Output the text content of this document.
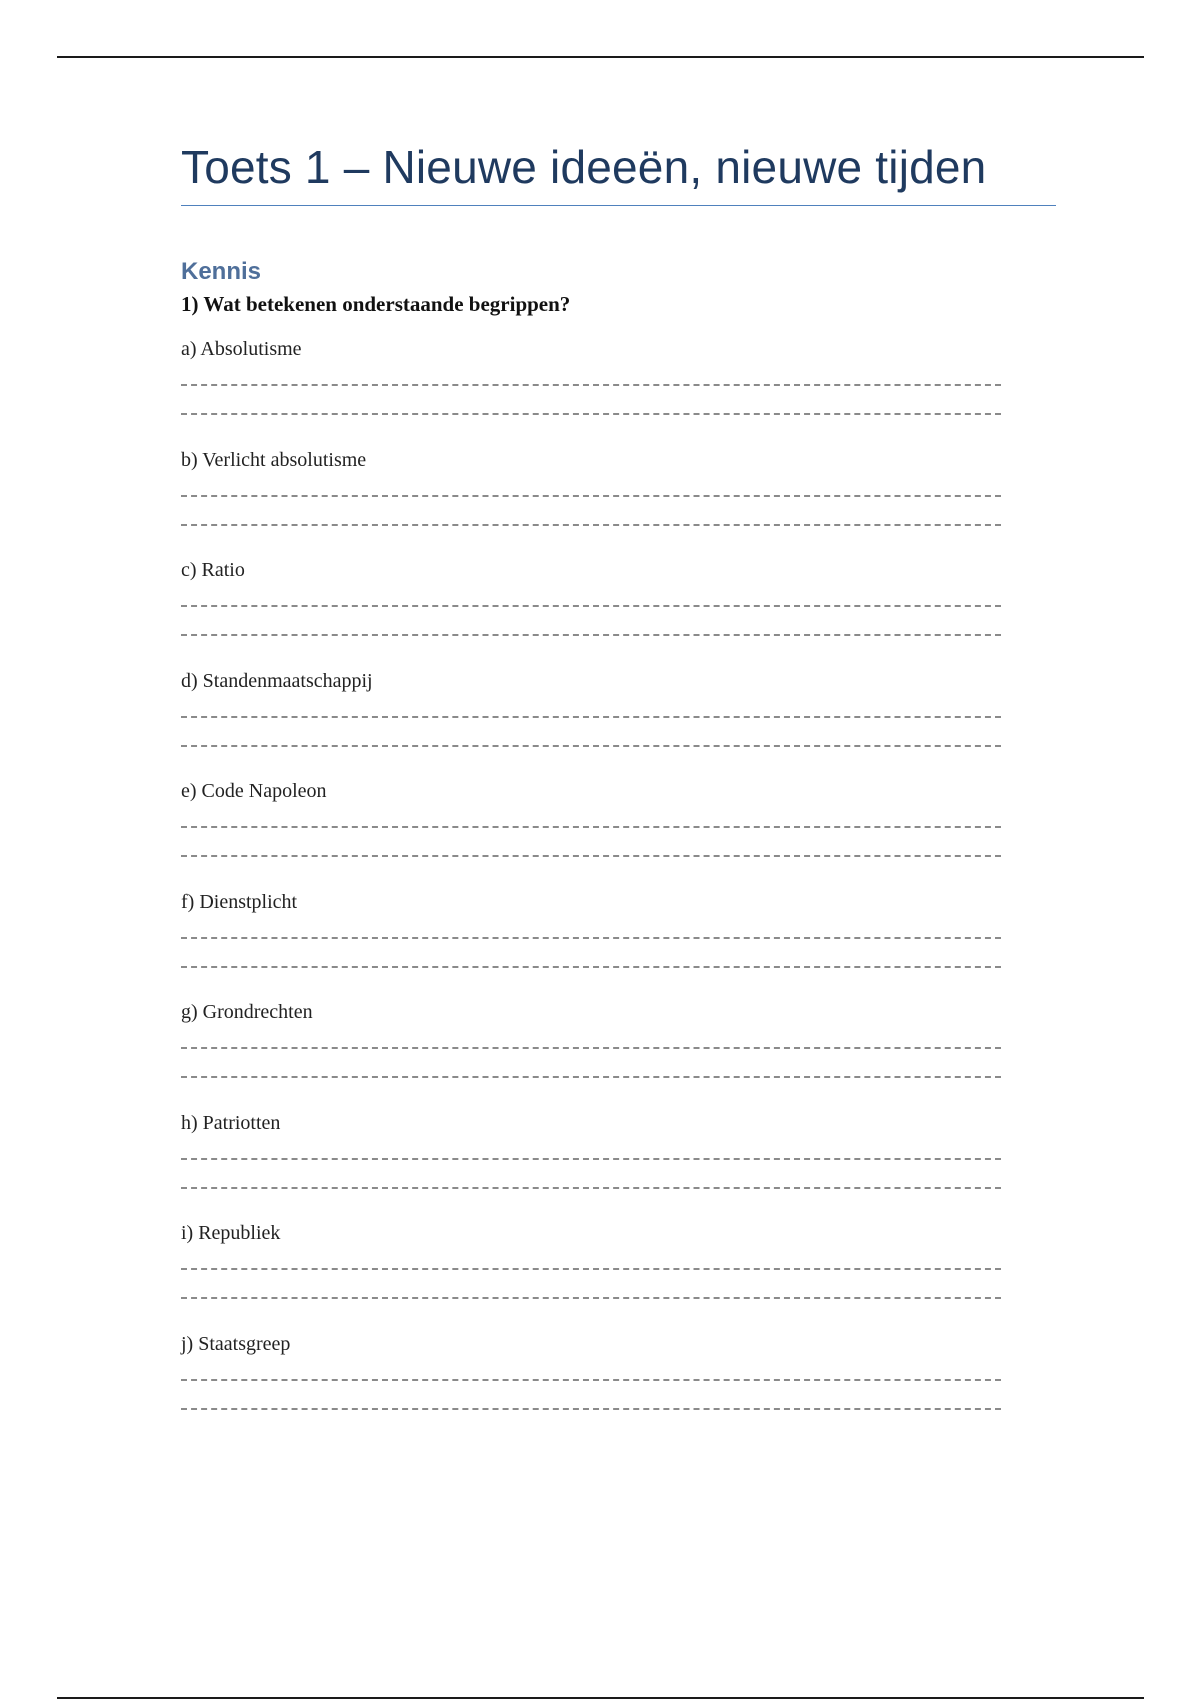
Toets 1 – Nieuwe ideeën, nieuwe tijden
Kennis
1) Wat betekenen onderstaande begrippen?

a) Absolutisme

b) Verlicht absolutisme

c) Ratio

d) Standenmaatschappij

e) Code Napoleon

f) Dienstplicht

g) Grondrechten

h) Patriotten

i) Republiek

j) Staatsgreep
